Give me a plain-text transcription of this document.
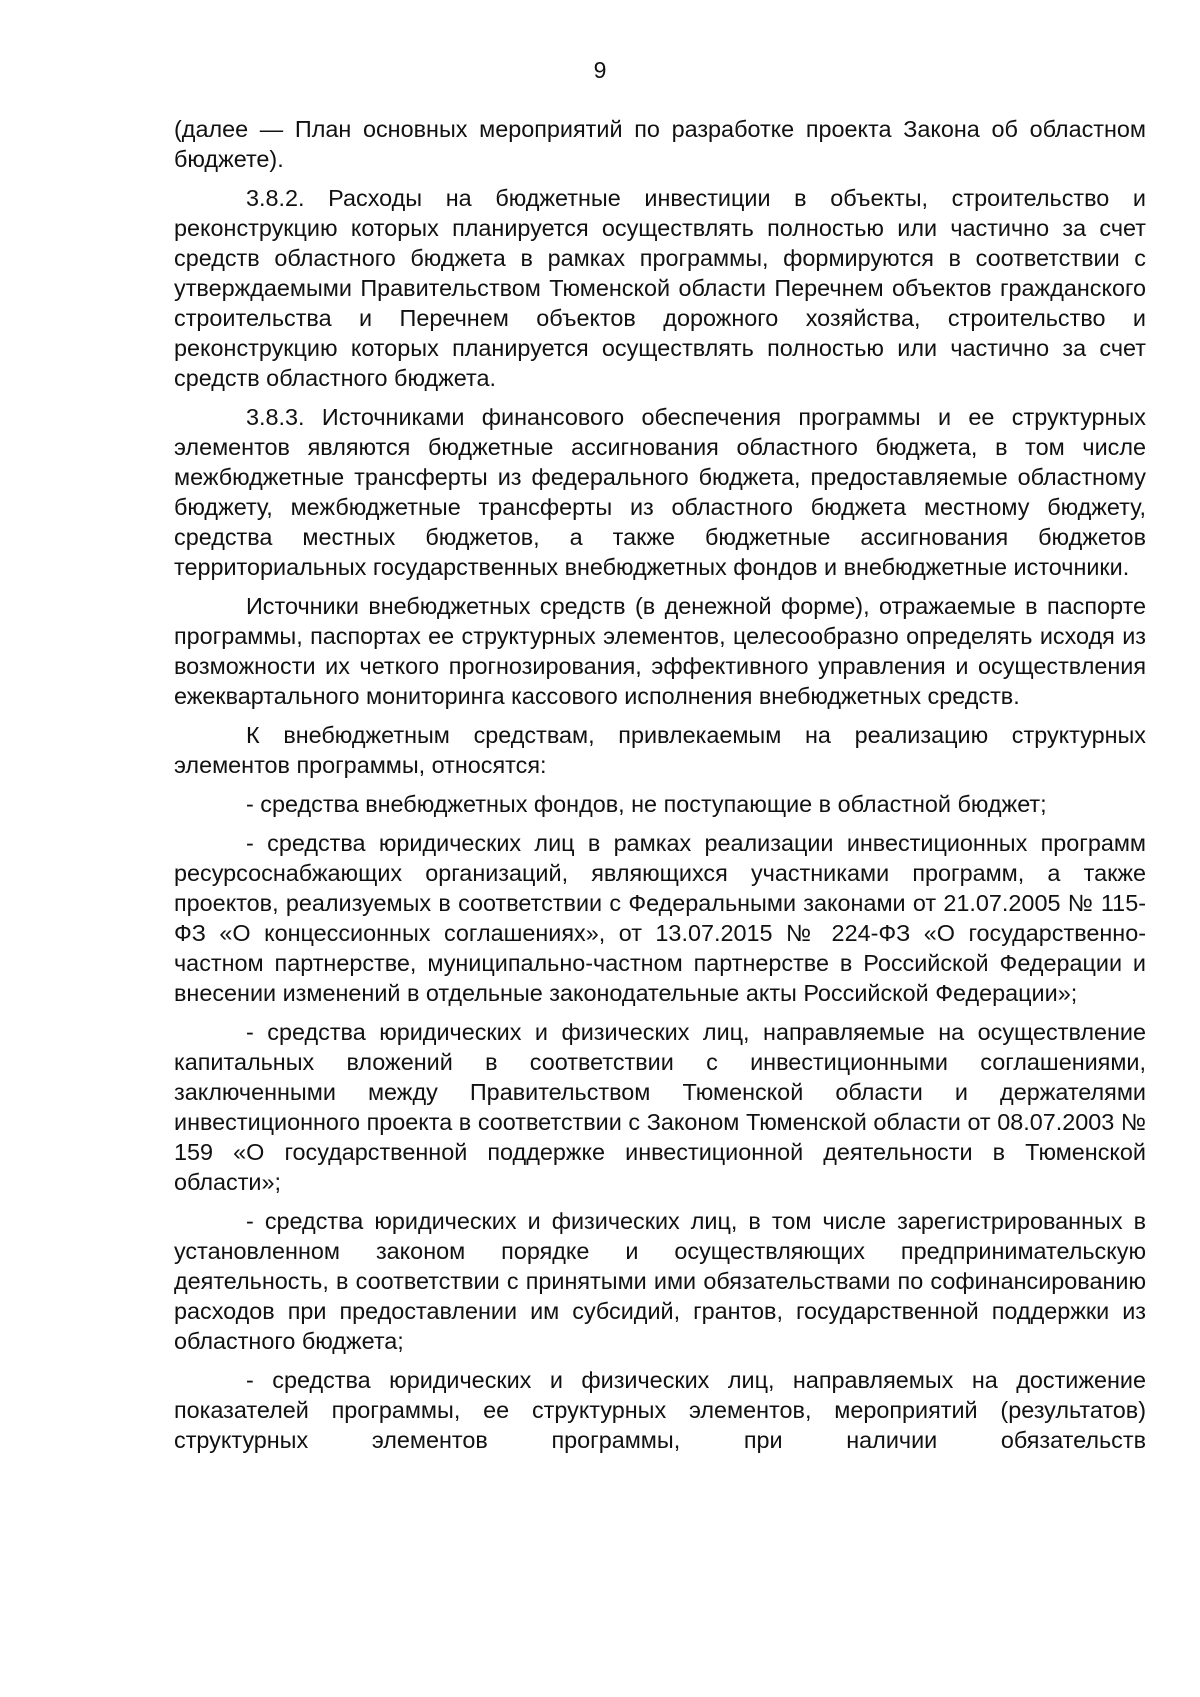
9

(далее — План основных мероприятий по разработке проекта Закона об областном бюджете).

3.8.2. Расходы на бюджетные инвестиции в объекты, строительство и реконструкцию которых планируется осуществлять полностью или частично за счет средств областного бюджета в рамках программы, формируются в соответствии с утверждаемыми Правительством Тюменской области Перечнем объектов гражданского строительства и Перечнем объектов дорожного хозяйства, строительство и реконструкцию которых планируется осуществлять полностью или частично за счет средств областного бюджета.

3.8.3. Источниками финансового обеспечения программы и ее структурных элементов являются бюджетные ассигнования областного бюджета, в том числе межбюджетные трансферты из федерального бюджета, предоставляемые областному бюджету, межбюджетные трансферты из областного бюджета местному бюджету, средства местных бюджетов, а также бюджетные ассигнования бюджетов территориальных государственных внебюджетных фондов и внебюджетные источники.

Источники внебюджетных средств (в денежной форме), отражаемые в паспорте программы, паспортах ее структурных элементов, целесообразно определять исходя из возможности их четкого прогнозирования, эффективного управления и осуществления ежеквартального мониторинга кассового исполнения внебюджетных средств.

К внебюджетным средствам, привлекаемым на реализацию структурных элементов программы, относятся:

- средства внебюджетных фондов, не поступающие в областной бюджет;

- средства юридических лиц в рамках реализации инвестиционных программ ресурсоснабжающих организаций, являющихся участниками программ, а также проектов, реализуемых в соответствии с Федеральными законами от 21.07.2005 № 115-ФЗ «О концессионных соглашениях», от 13.07.2015 № 224-ФЗ «О государственно-частном партнерстве, муниципально-частном партнерстве в Российской Федерации и внесении изменений в отдельные законодательные акты Российской Федерации»;

- средства юридических и физических лиц, направляемые на осуществление капитальных вложений в соответствии с инвестиционными соглашениями, заключенными между Правительством Тюменской области и держателями инвестиционного проекта в соответствии с Законом Тюменской области от 08.07.2003 № 159 «О государственной поддержке инвестиционной деятельности в Тюменской области»;

- средства юридических и физических лиц, в том числе зарегистрированных в установленном законом порядке и осуществляющих предпринимательскую деятельность, в соответствии с принятыми ими обязательствами по софинансированию расходов при предоставлении им субсидий, грантов, государственной поддержки из областного бюджета;

- средства юридических и физических лиц, направляемых на достижение показателей программы, ее структурных элементов, мероприятий (результатов) структурных элементов программы, при наличии обязательств
